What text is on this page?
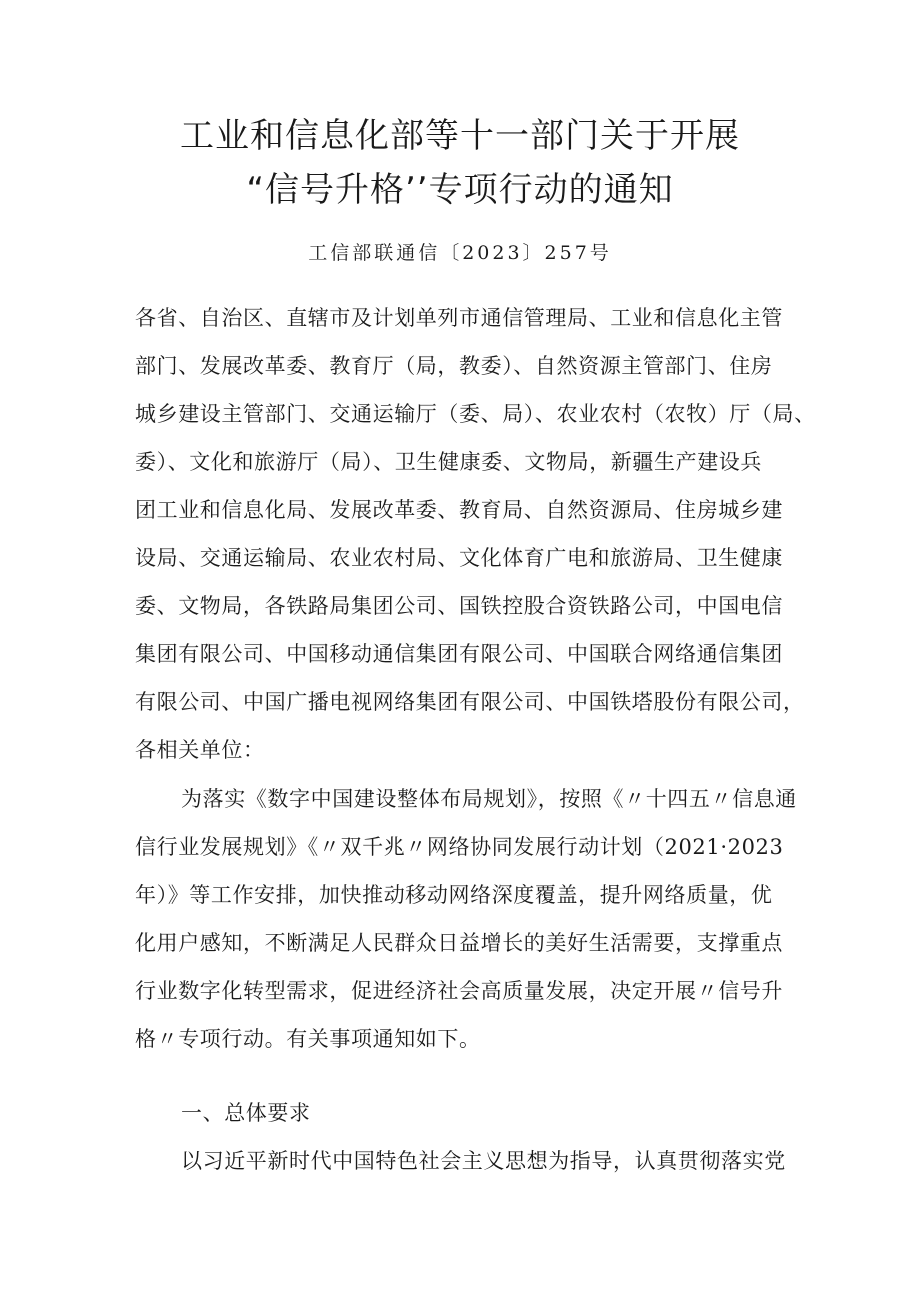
工业和信息化部等十一部门关于开展
“信号升格’’专项行动的通知
工信部联通信〔2023〕257号
各省、自治区、直辖市及计划单列市通信管理局、工业和信息化主管
部门、发展改革委、教育厅（局，教委）、自然资源主管部门、住房
城乡建设主管部门、交通运输厅（委、局）、农业农村（农牧）厅（局、
委）、文化和旅游厅（局）、卫生健康委、文物局，新疆生产建设兵
团工业和信息化局、发展改革委、教育局、自然资源局、住房城乡建
设局、交通运输局、农业农村局、文化体育广电和旅游局、卫生健康
委、文物局，各铁路局集团公司、国铁控股合资铁路公司，中国电信
集团有限公司、中国移动通信集团有限公司、中国联合网络通信集团
有限公司、中国广播电视网络集团有限公司、中国铁塔股份有限公司，
各相关单位：
为落实《数字中国建设整体布局规划》，按照《〃十四五〃信息通
信行业发展规划》《〃双千兆〃网络协同发展行动计划（2021·2023
年）》等工作安排，加快推动移动网络深度覆盖，提升网络质量，优
化用户感知，不断满足人民群众日益增长的美好生活需要，支撑重点
行业数字化转型需求，促进经济社会高质量发展，决定开展〃信号升
格〃专项行动。有关事项通知如下。
一、总体要求
以习近平新时代中国特色社会主义思想为指导，认真贯彻落实党
